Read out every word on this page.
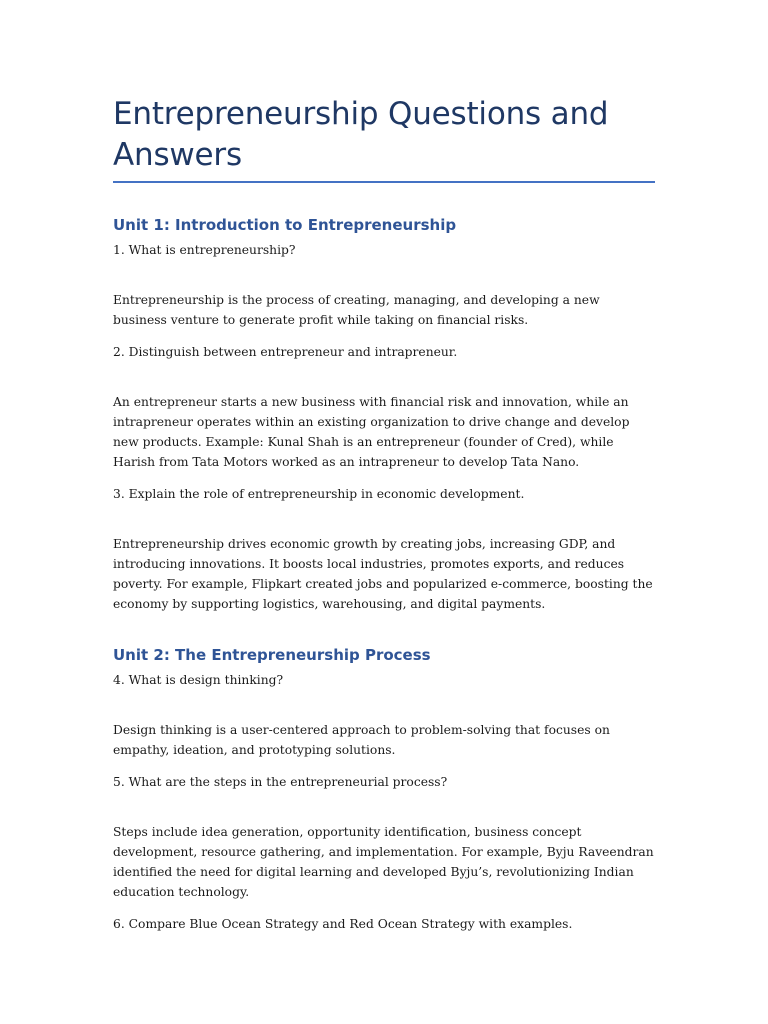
Entrepreneurship Questions and Answers
Unit 1: Introduction to Entrepreneurship

1. What is entrepreneurship?

Entrepreneurship is the process of creating, managing, and developing a new business venture to generate profit while taking on financial risks.

2. Distinguish between entrepreneur and intrapreneur.

An entrepreneur starts a new business with financial risk and innovation, while an intrapreneur operates within an existing organization to drive change and develop new products. Example: Kunal Shah is an entrepreneur (founder of Cred), while Harish from Tata Motors worked as an intrapreneur to develop Tata Nano.

3. Explain the role of entrepreneurship in economic development.

Entrepreneurship drives economic growth by creating jobs, increasing GDP, and introducing innovations. It boosts local industries, promotes exports, and reduces poverty. For example, Flipkart created jobs and popularized e-commerce, boosting the economy by supporting logistics, warehousing, and digital payments.

Unit 2: The Entrepreneurship Process

4. What is design thinking?

Design thinking is a user-centered approach to problem-solving that focuses on empathy, ideation, and prototyping solutions.

5. What are the steps in the entrepreneurial process?

Steps include idea generation, opportunity identification, business concept development, resource gathering, and implementation. For example, Byju Raveendran identified the need for digital learning and developed Byju’s, revolutionizing Indian education technology.

6. Compare Blue Ocean Strategy and Red Ocean Strategy with examples.
